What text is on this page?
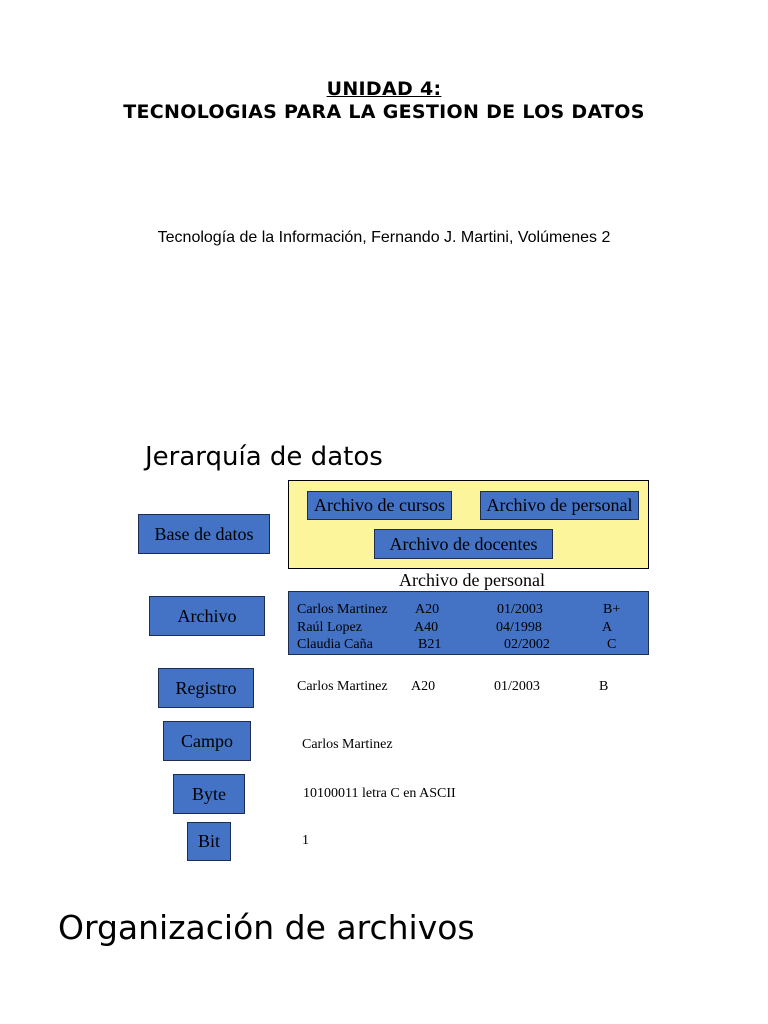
UNIDAD 4:
TECNOLOGIAS PARA LA GESTION DE LOS DATOS
Tecnología de la Información, Fernando J. Martini, Volúmenes 2
Jerarquía de datos
Base de datos
Archivo
Registro
Campo
Byte
Bit
Archivo de cursos Archivo de personal
Archivo de docentes
Archivo de personal
Carlos Martinez A20	01/2003	B+
Raúl Lopez	A40	04/1998	A
Claudia Caña	B21	02/2002	C
Carlos Martinez A20	01/2003	B
Carlos Martinez
10100011 letra C en ASCII
1
Organización de archivos
